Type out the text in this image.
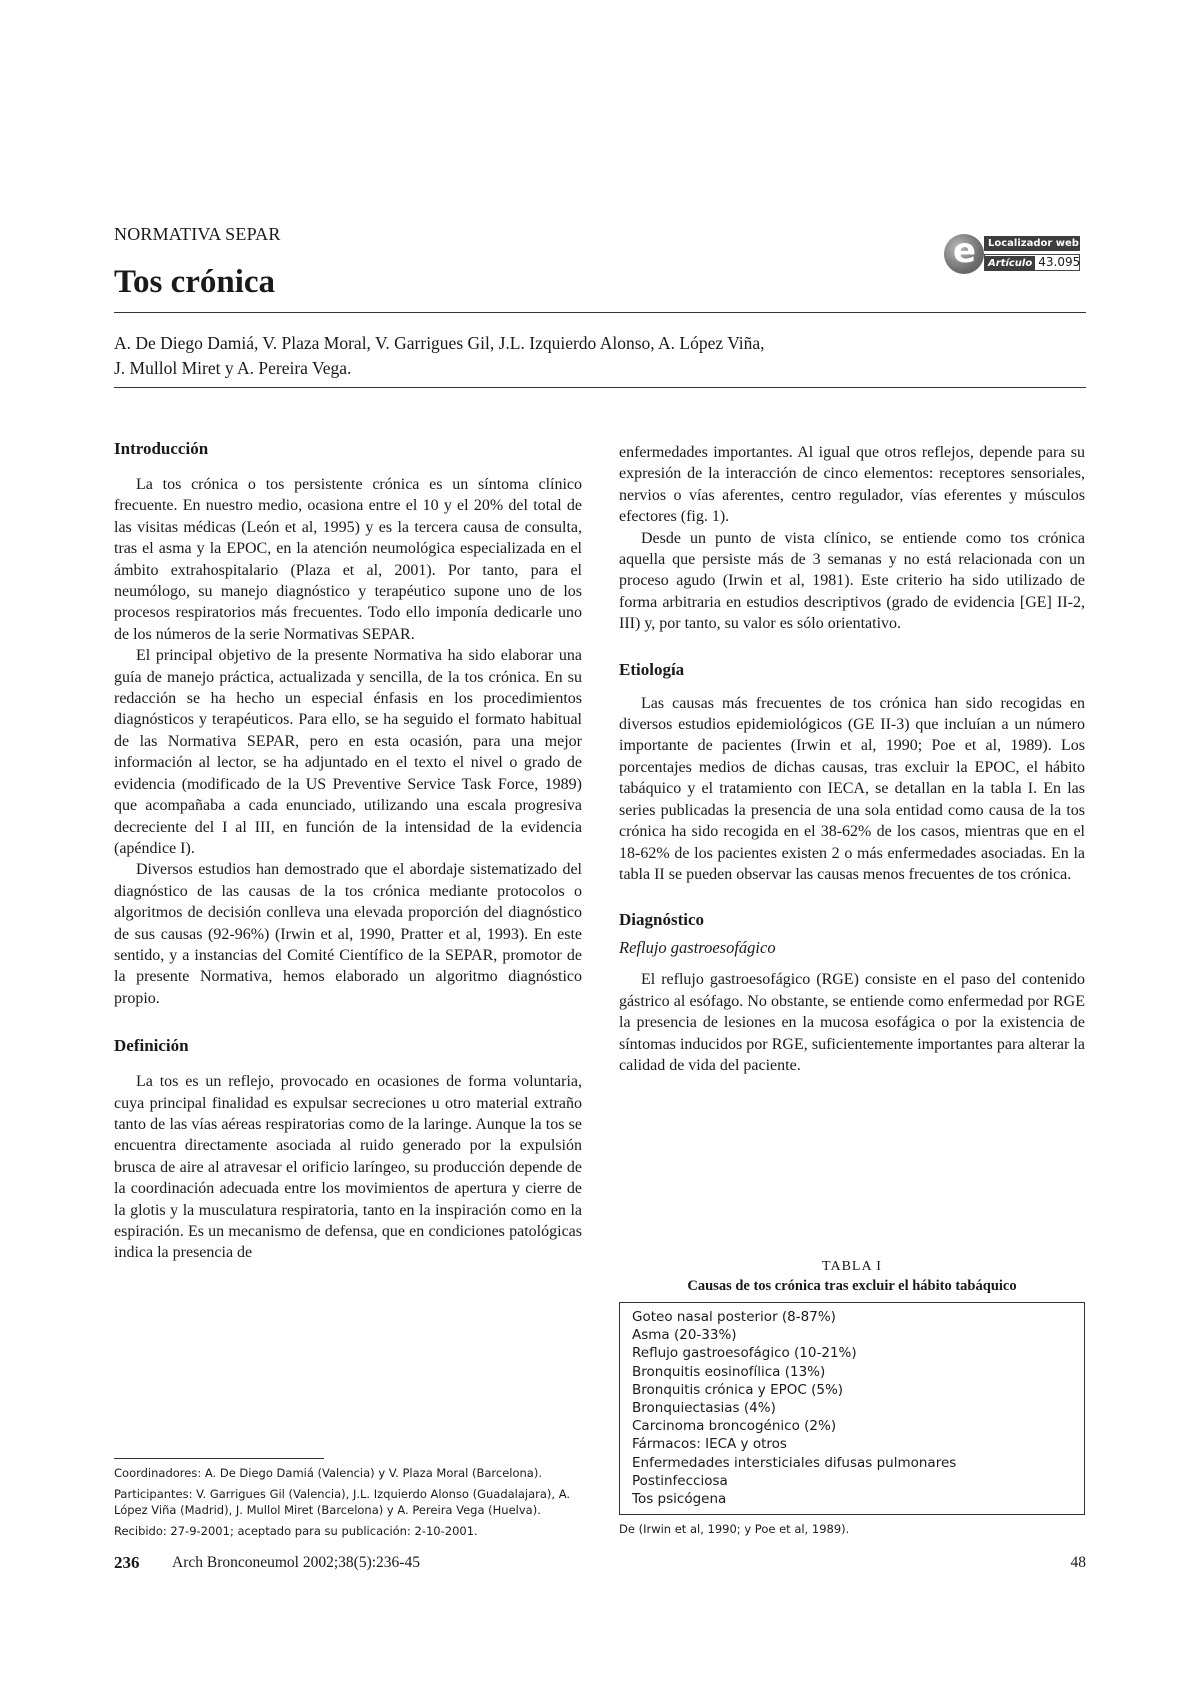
NORMATIVA SEPAR
Tos crónica
e	Localizador web
Artículo 43.095
A. De Diego Damiá, V. Plaza Moral, V. Garrigues Gil, J.L. Izquierdo Alonso, A. López Viña,
J. Mullol Miret y A. Pereira Vega.
Introducción

La tos crónica o tos persistente crónica es un síntoma clínico frecuente. En nuestro medio, ocasiona entre el 10 y el 20% del total de las visitas médicas (León et al, 1995) y es la tercera causa de consulta, tras el asma y la EPOC, en la atención neumológica especializada en el ámbito extrahospitalario (Plaza et al, 2001). Por tanto, para el neumólogo, su manejo diagnóstico y terapéutico supone uno de los procesos respiratorios más frecuentes. Todo ello imponía dedicarle uno de los números de la serie Normativas SEPAR.

El principal objetivo de la presente Normativa ha sido elaborar una guía de manejo práctica, actualizada y sencilla, de la tos crónica. En su redacción se ha hecho un especial énfasis en los procedimientos diagnósticos y terapéuticos. Para ello, se ha seguido el formato habitual de las Normativa SEPAR, pero en esta ocasión, para una mejor información al lector, se ha adjuntado en el texto el nivel o grado de evidencia (modificado de la US Preventive Service Task Force, 1989) que acompañaba a cada enunciado, utilizando una escala progresiva decreciente del I al III, en función de la intensidad de la evidencia (apéndice I).

Diversos estudios han demostrado que el abordaje sistematizado del diagnóstico de las causas de la tos crónica mediante protocolos o algoritmos de decisión conlleva una elevada proporción del diagnóstico de sus causas (92-96%) (Irwin et al, 1990, Pratter et al, 1993). En este sentido, y a instancias del Comité Científico de la SEPAR, promotor de la presente Normativa, hemos elaborado un algoritmo diagnóstico propio.

Definición

La tos es un reflejo, provocado en ocasiones de forma voluntaria, cuya principal finalidad es expulsar secreciones u otro material extraño tanto de las vías aéreas respiratorias como de la laringe. Aunque la tos se encuentra directamente asociada al ruido generado por la expulsión brusca de aire al atravesar el orificio laríngeo, su producción depende de la coordinación adecuada entre los movimientos de apertura y cierre de la glotis y la musculatura respiratoria, tanto en la inspiración como en la espiración. Es un mecanismo de defensa, que en condiciones patológicas indica la presencia de

enfermedades importantes. Al igual que otros reflejos, depende para su expresión de la interacción de cinco elementos: receptores sensoriales, nervios o vías aferentes, centro regulador, vías eferentes y músculos efectores (fig. 1).

Desde un punto de vista clínico, se entiende como tos crónica aquella que persiste más de 3 semanas y no está relacionada con un proceso agudo (Irwin et al, 1981). Este criterio ha sido utilizado de forma arbitraria en estudios descriptivos (grado de evidencia [GE] II-2, III) y, por tanto, su valor es sólo orientativo.

Etiología

Las causas más frecuentes de tos crónica han sido recogidas en diversos estudios epidemiológicos (GE II-3) que incluían a un número importante de pacientes (Irwin et al, 1990; Poe et al, 1989). Los porcentajes medios de dichas causas, tras excluir la EPOC, el hábito tabáquico y el tratamiento con IECA, se detallan en la tabla I. En las series publicadas la presencia de una sola entidad como causa de la tos crónica ha sido recogida en el 38-62% de los casos, mientras que en el 18-62% de los pacientes existen 2 o más enfermedades asociadas. En la tabla II se pueden observar las causas menos frecuentes de tos crónica.

Diagnóstico
Reflujo gastroesofágico

El reflujo gastroesofágico (RGE) consiste en el paso del contenido gástrico al esófago. No obstante, se entiende como enfermedad por RGE la presencia de lesiones en la mucosa esofágica o por la existencia de síntomas inducidos por RGE, suficientemente importantes para alterar la calidad de vida del paciente.

TABLA I
Causas de tos crónica tras excluir el hábito tabáquico
Goteo nasal posterior (8-87%)
Asma (20-33%)
Reflujo gastroesofágico (10-21%)
Bronquitis eosinofílica (13%)
Bronquitis crónica y EPOC (5%)
Bronquiectasias (4%)
Carcinoma broncogénico (2%)
Fármacos: IECA y otros
Enfermedades intersticiales difusas pulmonares
Postinfecciosa
Tos psicógena
De (Irwin et al, 1990; y Poe et al, 1989).

Coordinadores: A. De Diego Damiá (Valencia) y V. Plaza Moral (Barcelona).

Participantes: V. Garrigues Gil (Valencia), J.L. Izquierdo Alonso (Guadalajara), A. López Viña (Madrid), J. Mullol Miret (Barcelona) y A. Pereira Vega (Huelva).

Recibido: 27-9-2001; aceptado para su publicación: 2-10-2001.

236 Arch Bronconeumol 2002;38(5):236-45	48
